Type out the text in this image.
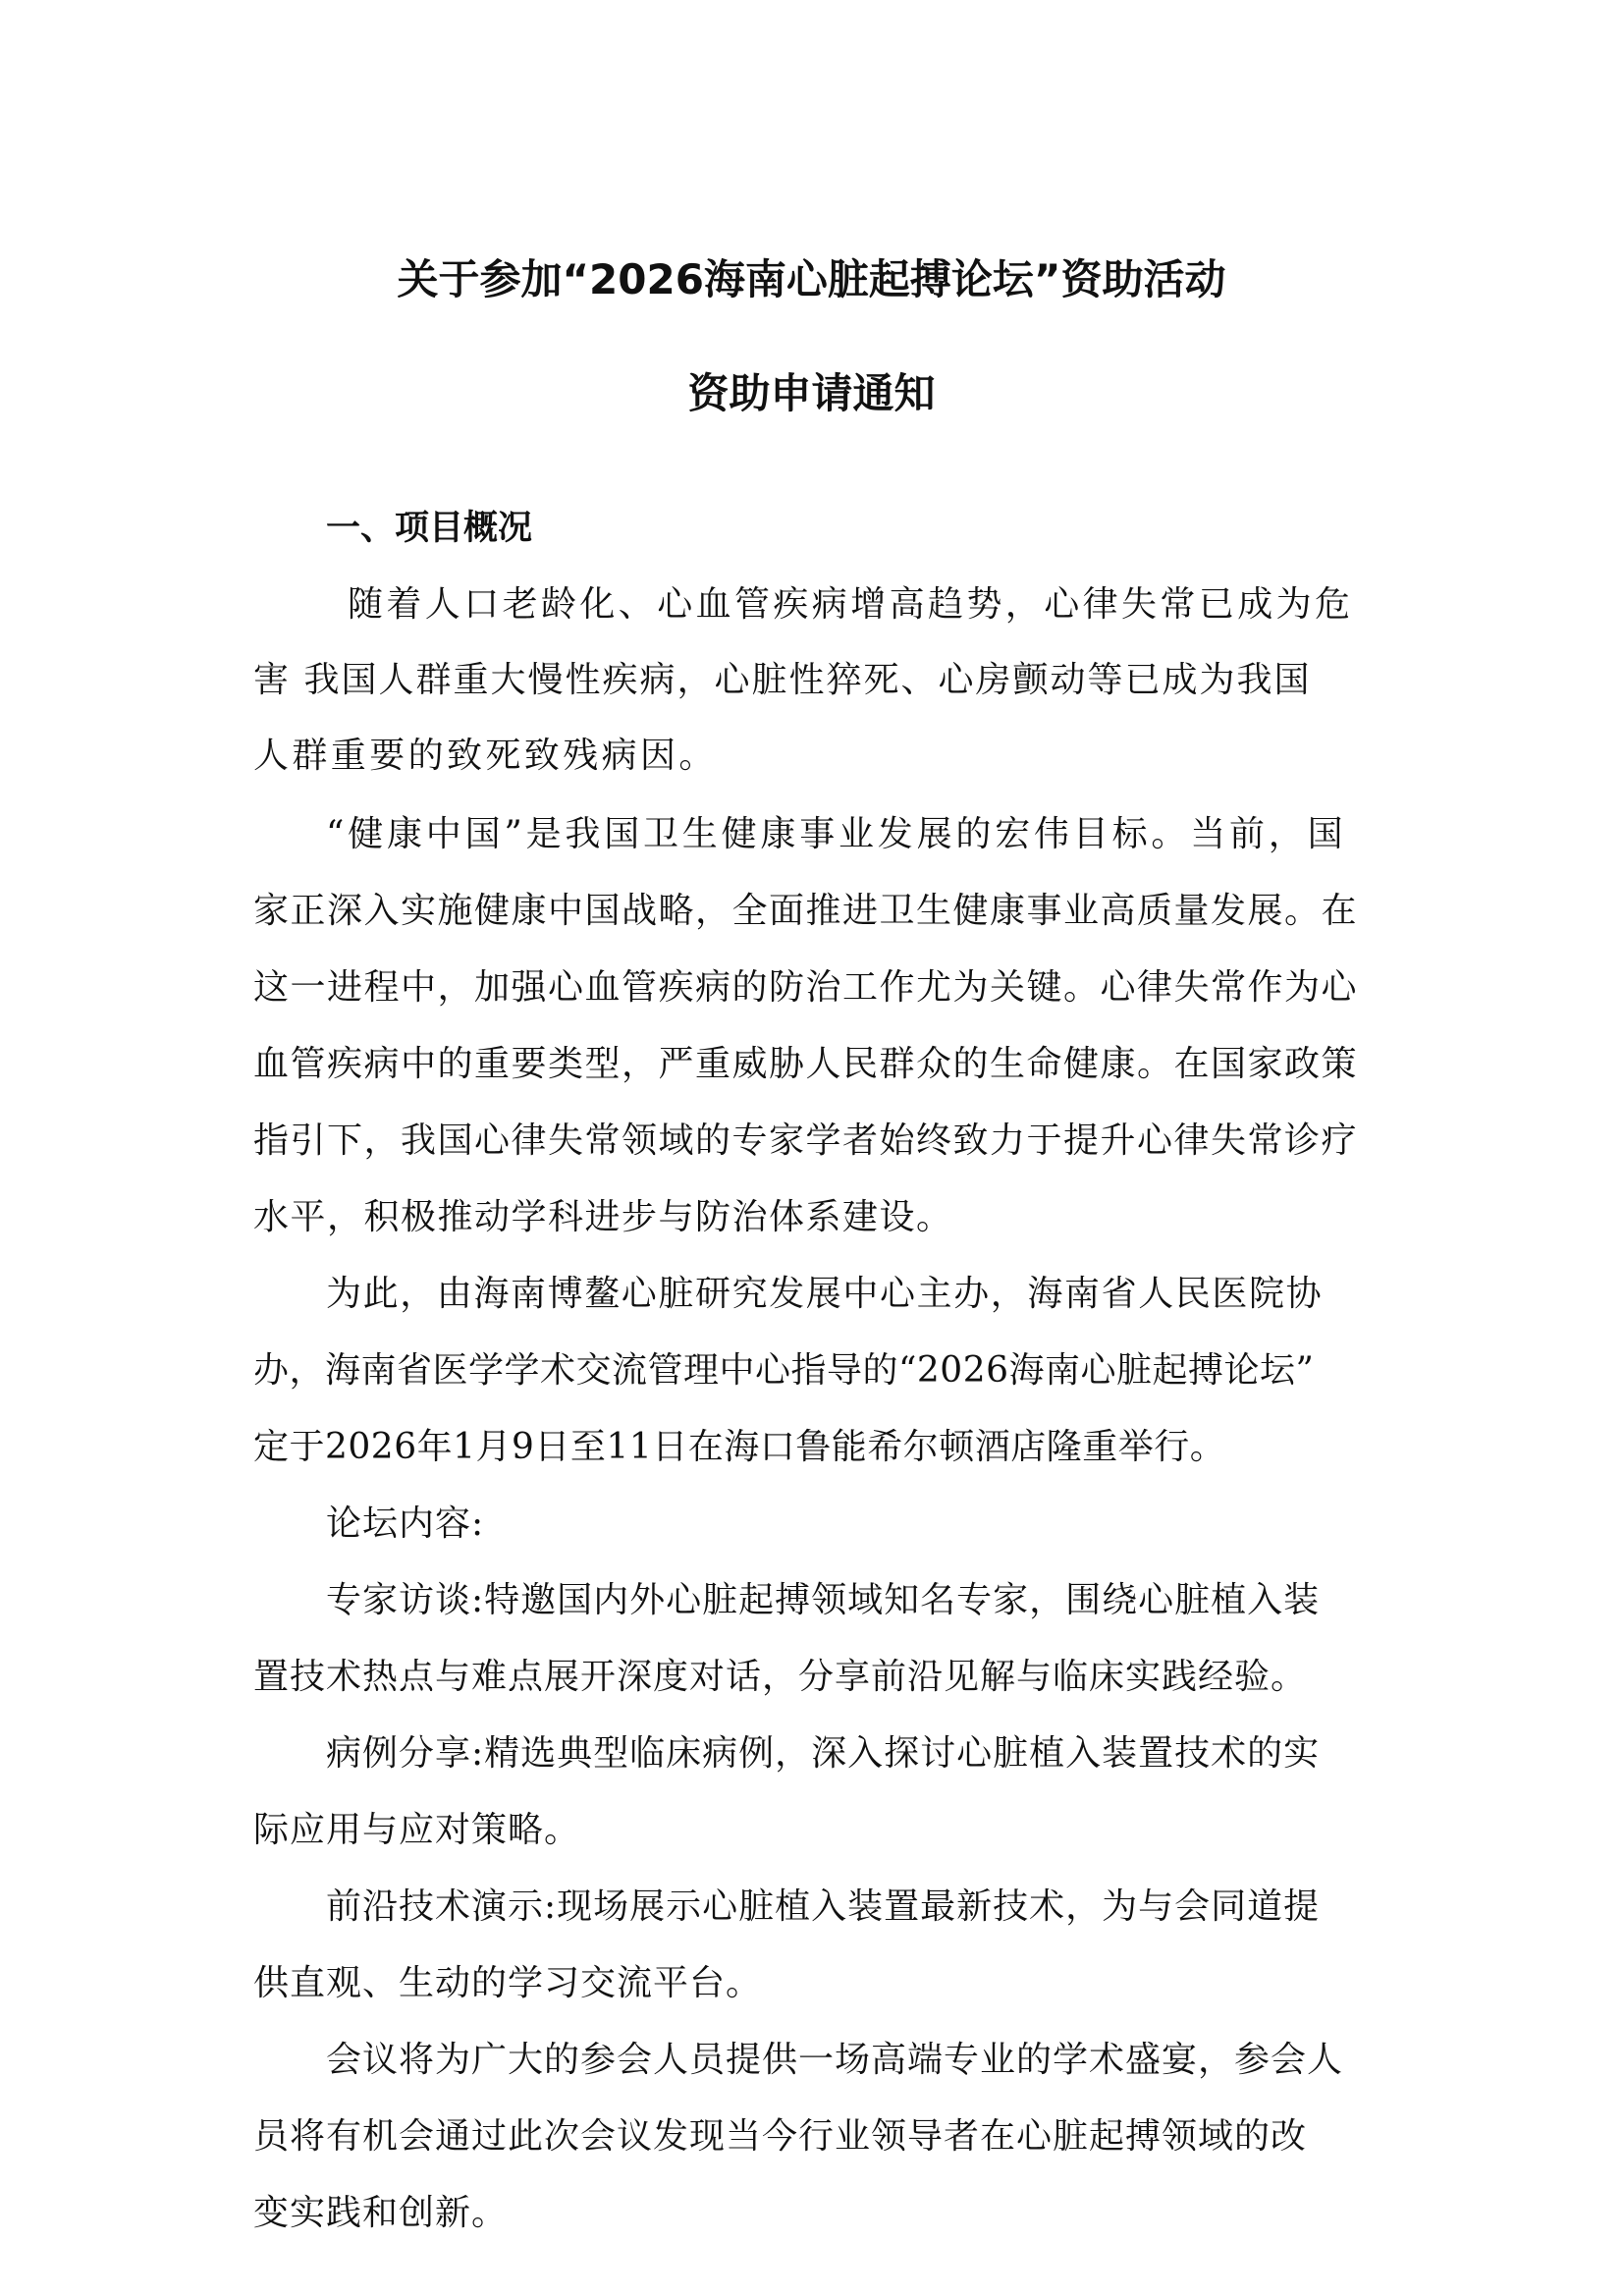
关于参加“2026海南心脏起搏论坛”资助活动
资助申请通知
一、项目概况
随着人口老龄化、心血管疾病增高趋势，心律失常已成为危
害 我国人群重大慢性疾病，心脏性猝死、心房颤动等已成为我国
人群重要的致死致残病因。
“健康中国”是我国卫生健康事业发展的宏伟目标。当前，国
家正深入实施健康中国战略，全面推进卫生健康事业高质量发展。在
这一进程中，加强心血管疾病的防治工作尤为关键。心律失常作为心
血管疾病中的重要类型，严重威胁人民群众的生命健康。在国家政策
指引下，我国心律失常领域的专家学者始终致力于提升心律失常诊疗
水平，积极推动学科进步与防治体系建设。
为此，由海南博鳌心脏研究发展中心主办，海南省人民医院协
办，海南省医学学术交流管理中心指导的“2026海南心脏起搏论坛”
定于2026年1月9日至11日在海口鲁能希尔顿酒店隆重举行。
论坛内容:
专家访谈:特邀国内外心脏起搏领域知名专家，围绕心脏植入装
置技术热点与难点展开深度对话，分享前沿见解与临床实践经验。
病例分享:精选典型临床病例，深入探讨心脏植入装置技术的实
际应用与应对策略。
前沿技术演示:现场展示心脏植入装置最新技术，为与会同道提
供直观、生动的学习交流平台。
会议将为广大的参会人员提供一场高端专业的学术盛宴，参会人
员将有机会通过此次会议发现当今行业领导者在心脏起搏领域的改
变实践和创新。
